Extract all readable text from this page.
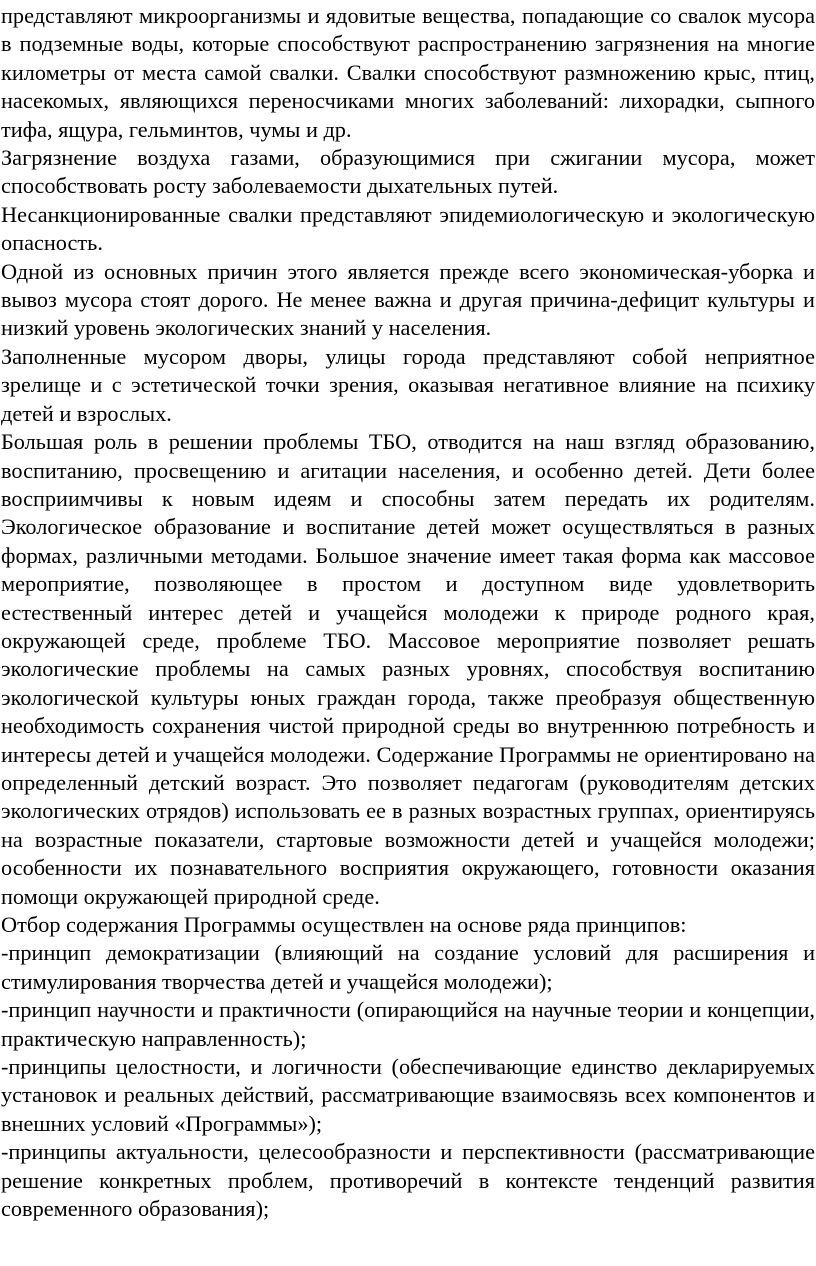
представляют микроорганизмы и ядовитые вещества, попадающие со свалок мусора в подземные воды, которые способствуют распространению загрязнения на многие километры от места самой свалки. Свалки способствуют размножению крыс, птиц, насекомых, являющихся переносчиками многих заболеваний: лихорадки, сыпного тифа, ящура, гельминтов, чумы и др.

Загрязнение воздуха газами, образующимися при сжигании мусора, может способствовать росту заболеваемости дыхательных путей.

Несанкционированные свалки представляют эпидемиологическую и экологическую опасность.

Одной из основных причин этого является прежде всего экономическая-уборка и вывоз мусора стоят дорого. Не менее важна и другая причина-дефицит культуры и низкий уровень экологических знаний у населения.

Заполненные мусором дворы, улицы города представляют собой неприятное зрелище и с эстетической точки зрения, оказывая негативное влияние на психику детей и взрослых.

Большая роль в решении проблемы ТБО, отводится на наш взгляд образованию, воспитанию, просвещению и агитации населения, и особенно детей. Дети более восприимчивы к новым идеям и способны затем передать их родителям. Экологическое образование и воспитание детей может осуществляться в разных формах, различными методами. Большое значение имеет такая форма как массовое мероприятие, позволяющее в простом и доступном виде удовлетворить естественный интерес детей и учащейся молодежи к природе родного края, окружающей среде, проблеме ТБО. Массовое мероприятие позволяет решать экологические проблемы на самых разных уровнях, способствуя воспитанию экологической культуры юных граждан города, также преобразуя общественную необходимость сохранения чистой природной среды во внутреннюю потребность и интересы детей и учащейся молодежи. Содержание Программы не ориентировано на определенный детский возраст. Это позволяет педагогам (руководителям детских экологических отрядов) использовать ее в разных возрастных группах, ориентируясь на возрастные показатели, стартовые возможности детей и учащейся молодежи; особенности их познавательного восприятия окружающего, готовности оказания помощи окружающей природной среде.

Отбор содержания Программы осуществлен на основе ряда принципов:

-принцип демократизации (влияющий на создание условий для расширения и стимулирования творчества детей и учащейся молодежи);

-принцип научности и практичности (опирающийся на научные теории и концепции, практическую направленность);

-принципы целостности, и логичности (обеспечивающие единство декларируемых установок и реальных действий, рассматривающие взаимосвязь всех компонентов и внешних условий «Программы»);

-принципы актуальности, целесообразности и перспективности (рассматривающие решение конкретных проблем, противоречий в контексте тенденций развития современного образования);
